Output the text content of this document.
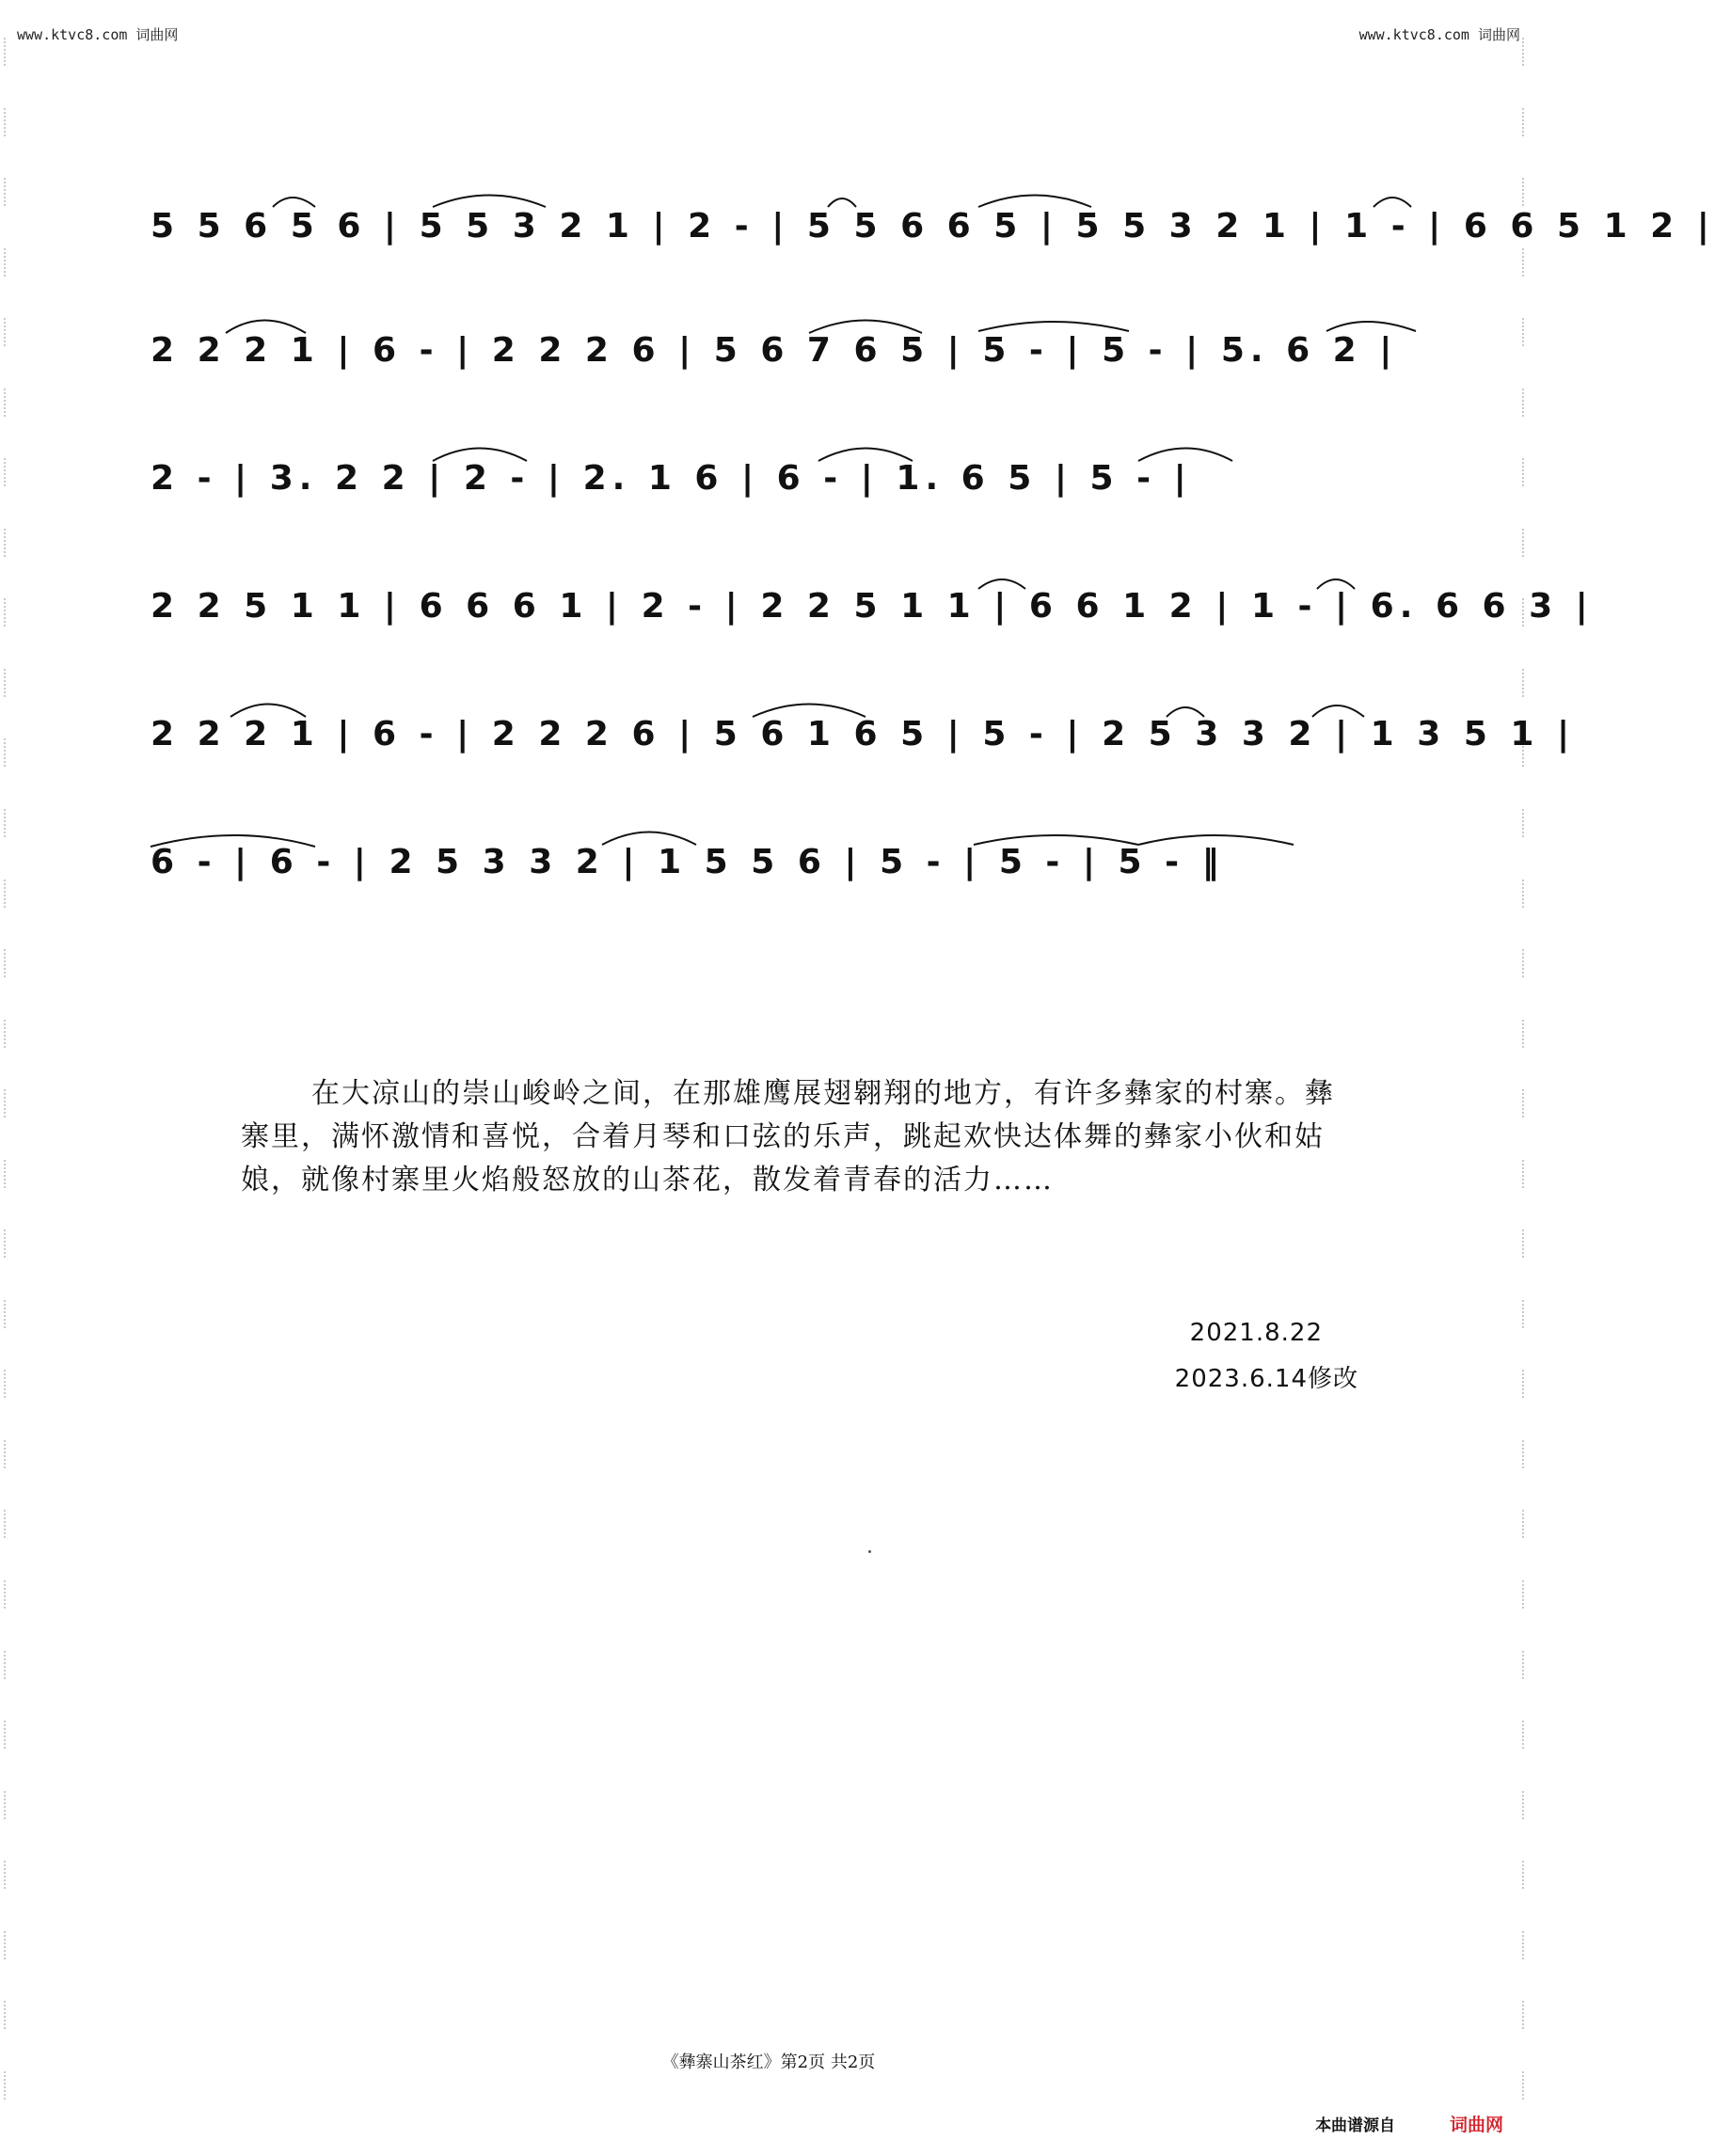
www.ktvc8.com 词曲网	www.ktvc8.com 词曲网
5 5 6 5 6 | 5 5 3 2 1 | 2 - | 5 5 6 6 5 | 5 5 3 2 1 | 1 - | 6 6 5 1 2 |
2 2 2 1 | 6 - | 2 2 2 6 | 5 6 7 6 5 | 5 - | 5 - | 5. 6 2 |
2 - | 3. 2 2 | 2 - | 2. 1 6 | 6 - | 1. 6 5 | 5 - |
2 2 5 1 1 | 6 6 6 1 | 2 - | 2 2 5 1 1 | 6 6 1 2 | 1 - | 6. 6 6 3 |
2 2 2 1 | 6 - | 2 2 2 6 | 5 6 1 6 5 | 5 - | 2 5 3 3 2 | 1 3 5 1 |
6 - | 6 - | 2 5 3 3 2 | 1 5 5 6 | 5 - | 5 - | 5 - ‖
在大凉山的崇山峻岭之间，在那雄鹰展翅翱翔的地方，有许多彝家的村寨。彝寨里，满怀激情和喜悦，合着月琴和口弦的乐声，跳起欢快达体舞的彝家小伙和姑娘，就像村寨里火焰般怒放的山茶花，散发着青春的活力……
2021.8.22
2023.6.14修改
《彝寨山茶红》第2页 共2页
本曲谱源自	词曲网
